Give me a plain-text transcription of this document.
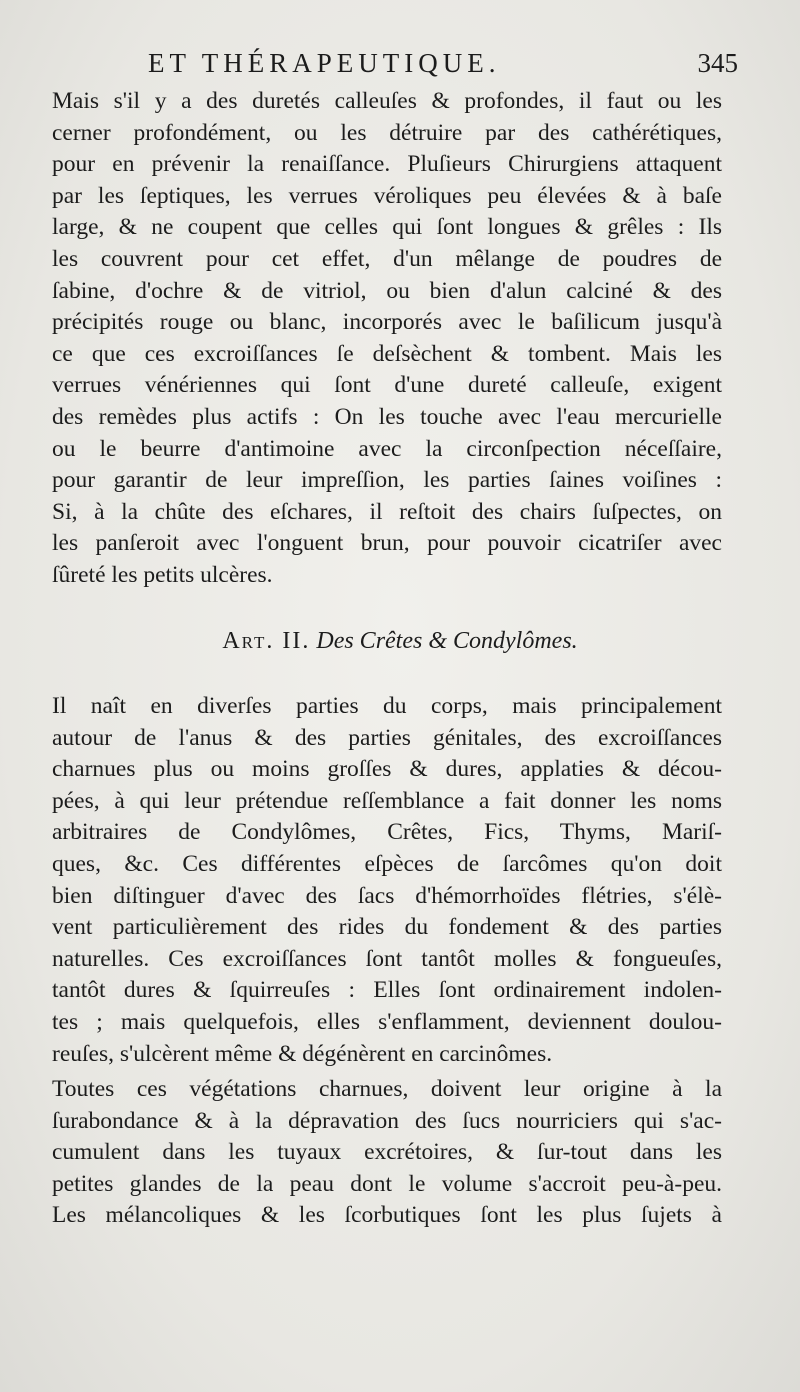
ET THÉRAPEUTIQUE.	345
Mais s'il y a des duretés calleuſes & profondes, il faut ou les
cerner profondément, ou les détruire par des cathérétiques,
pour en prévenir la renaiſſance. Pluſieurs Chirurgiens attaquent
par les ſeptiques, les verrues véroliques peu élevées & à baſe
large, & ne coupent que celles qui ſont longues & grêles : Ils
les couvrent pour cet effet, d'un mêlange de poudres de
ſabine, d'ochre & de vitriol, ou bien d'alun calciné & des
précipités rouge ou blanc, incorporés avec le baſilicum jusqu'à
ce que ces excroiſſances ſe deſsèchent & tombent. Mais les
verrues vénériennes qui ſont d'une dureté calleuſe, exigent
des remèdes plus actifs : On les touche avec l'eau mercurielle
ou le beurre d'antimoine avec la circonſpection néceſſaire,
pour garantir de leur impreſſion, les parties ſaines voiſines :
Si, à la chûte des eſchares, il reſtoit des chairs ſuſpectes, on
les panſeroit avec l'onguent brun, pour pouvoir cicatriſer avec
ſûreté les petits ulcères.
Art. II. Des Crêtes & Condylômes.
Il naît en diverſes parties du corps, mais principalement
autour de l'anus & des parties génitales, des excroiſſances
charnues plus ou moins groſſes & dures, applaties & décou-
pées, à qui leur prétendue reſſemblance a fait donner les noms
arbitraires de Condylômes, Crêtes, Fics, Thyms, Mariſ-
ques, &c. Ces différentes eſpèces de ſarcômes qu'on doit
bien diſtinguer d'avec des ſacs d'hémorrhoïdes flétries, s'élè-
vent particulièrement des rides du fondement & des parties
naturelles. Ces excroiſſances ſont tantôt molles & fongueuſes,
tantôt dures & ſquirreuſes : Elles ſont ordinairement indolen-
tes ; mais quelquefois, elles s'enflamment, deviennent doulou-
reuſes, s'ulcèrent même & dégénèrent en carcinômes.
Toutes ces végétations charnues, doivent leur origine à la
ſurabondance & à la dépravation des ſucs nourriciers qui s'ac-
cumulent dans les tuyaux excrétoires, & ſur-tout dans les
petites glandes de la peau dont le volume s'accroit peu-à-peu.
Les mélancoliques & les ſcorbutiques ſont les plus ſujets à
